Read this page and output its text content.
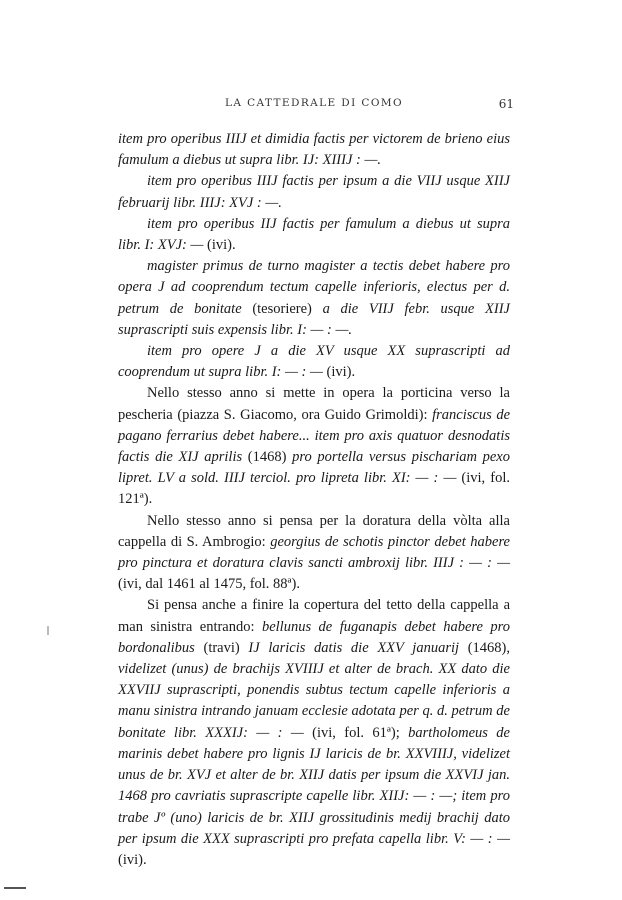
LA CATTEDRALE DI COMO	61

item pro operibus IIIJ et dimidia factis per victorem de brieno eius famulum a diebus ut supra libr. IJ: XIIIJ : —.

item pro operibus IIIJ factis per ipsum a die VIIJ usque XIIJ februarij libr. IIIJ: XVJ : —.

item pro operibus IIJ factis per famulum a diebus ut supra libr. I: XVJ: — (ivi).

magister primus de turno magister a tectis debet habere pro opera J ad cooprendum tectum capelle inferioris, electus per d. petrum de bonitate (tesoriere) a die VIIJ febr. usque XIIJ suprascripti suis expensis libr. I: — : —.

item pro opere J a die XV usque XX suprascripti ad cooprendum ut supra libr. I: — : — (ivi).

Nello stesso anno si mette in opera la porticina verso la pescheria (piazza S. Giacomo, ora Guido Grimoldi): franciscus de pagano ferrarius debet habere... item pro axis quatuor desnodatis factis die XIJ aprilis (1468) pro portella versus pischariam pexo lipret. LV a sold. IIIJ terciol. pro lipreta libr. XI: — : — (ivi, fol. 121ª).

Nello stesso anno si pensa per la doratura della vòlta alla cappella di S. Ambrogio: georgius de schotis pinctor debet habere pro pinctura et doratura clavis sancti ambroxij libr. IIIJ : — : — (ivi, dal 1461 al 1475, fol. 88ª).

Si pensa anche a finire la copertura del tetto della cappella a man sinistra entrando: bellunus de fuganapis debet habere pro bordonalibus (travi) IJ laricis datis die XXV januarij (1468), videlizet (unus) de brachijs XVIIIJ et alter de brach. XX dato die XXVIIJ suprascripti, ponendis subtus tectum capelle inferioris a manu sinistra intrando januam ecclesie adotata per q. d. petrum de bonitate libr. XXXIJ: — : — (ivi, fol. 61ª); bartholomeus de marinis debet habere pro lignis IJ laricis de br. XXVIIIJ, videlizet unus de br. XVJ et alter de br. XIIJ datis per ipsum die XXVIJ jan. 1468 pro cavriatis suprascripte capelle libr. XIIJ: — : —; item pro trabe Jº (uno) laricis de br. XIIJ grossitudinis medij brachij dato per ipsum die XXX suprascripti pro prefata capella libr. V: — : — (ivi).
